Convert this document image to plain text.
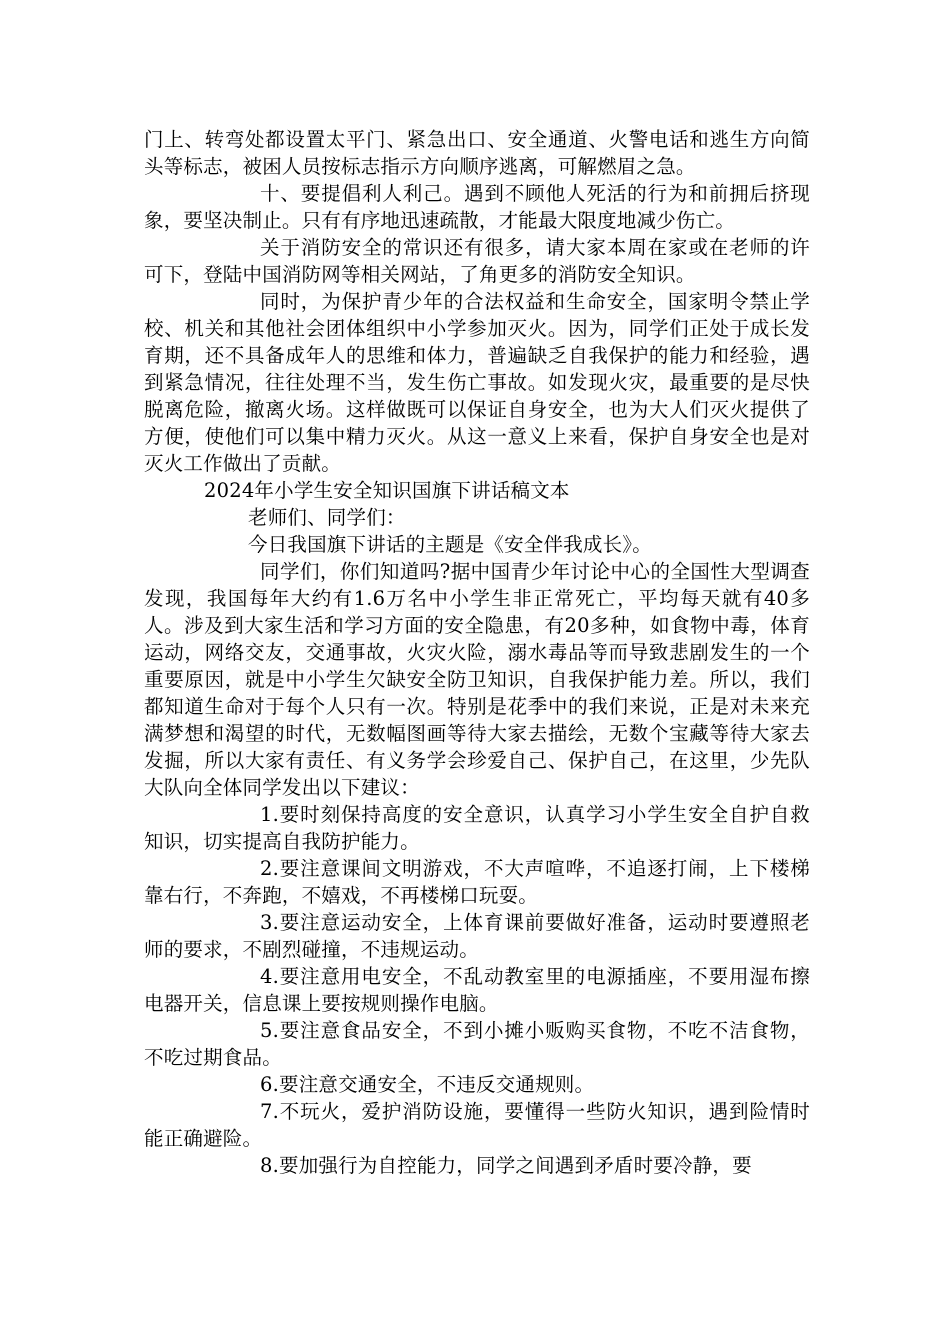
门上、转弯处都设置太平门、紧急出口、安全通道、火警电话和逃生方向简头等标志，被困人员按标志指示方向顺序逃离，可解燃眉之急。

十、要提倡利人利己。遇到不顾他人死活的行为和前拥后挤现象，要坚决制止。只有有序地迅速疏散，才能最大限度地减少伤亡。

关于消防安全的常识还有很多，请大家本周在家或在老师的许可下，登陆中国消防网等相关网站，了角更多的消防安全知识。

同时，为保护青少年的合法权益和生命安全，国家明令禁止学校、机关和其他社会团体组织中小学参加灭火。因为，同学们正处于成长发育期，还不具备成年人的思维和体力，普遍缺乏自我保护的能力和经验，遇到紧急情况，往往处理不当，发生伤亡事故。如发现火灾，最重要的是尽快脱离危险，撤离火场。这样做既可以保证自身安全，也为大人们灭火提供了方便，使他们可以集中精力灭火。从这一意义上来看，保护自身安全也是对灭火工作做出了贡献。

2024年小学生安全知识国旗下讲话稿文本

老师们、同学们：

今日我国旗下讲话的主题是《安全伴我成长》。

同学们，你们知道吗?据中国青少年讨论中心的全国性大型调查发现，我国每年大约有1.6万名中小学生非正常死亡，平均每天就有40多人。涉及到大家生活和学习方面的安全隐患，有20多种，如食物中毒，体育运动，网络交友，交通事故，火灾火险，溺水毒品等而导致悲剧发生的一个重要原因，就是中小学生欠缺安全防卫知识，自我保护能力差。所以，我们都知道生命对于每个人只有一次。特别是花季中的我们来说，正是对未来充满梦想和渴望的时代，无数幅图画等待大家去描绘，无数个宝藏等待大家去发掘，所以大家有责任、有义务学会珍爱自己、保护自己，在这里，少先队大队向全体同学发出以下建议：

1.要时刻保持高度的安全意识，认真学习小学生安全自护自救知识，切实提高自我防护能力。

2.要注意课间文明游戏，不大声喧哗，不追逐打闹，上下楼梯靠右行，不奔跑，不嬉戏，不再楼梯口玩耍。

3.要注意运动安全，上体育课前要做好准备，运动时要遵照老师的要求，不剧烈碰撞，不违规运动。

4.要注意用电安全，不乱动教室里的电源插座，不要用湿布擦电器开关，信息课上要按规则操作电脑。

5.要注意食品安全，不到小摊小贩购买食物，不吃不洁食物，不吃过期食品。

6.要注意交通安全，不违反交通规则。

7.不玩火，爱护消防设施，要懂得一些防火知识，遇到险情时能正确避险。

8.要加强行为自控能力，同学之间遇到矛盾时要冷静，要
